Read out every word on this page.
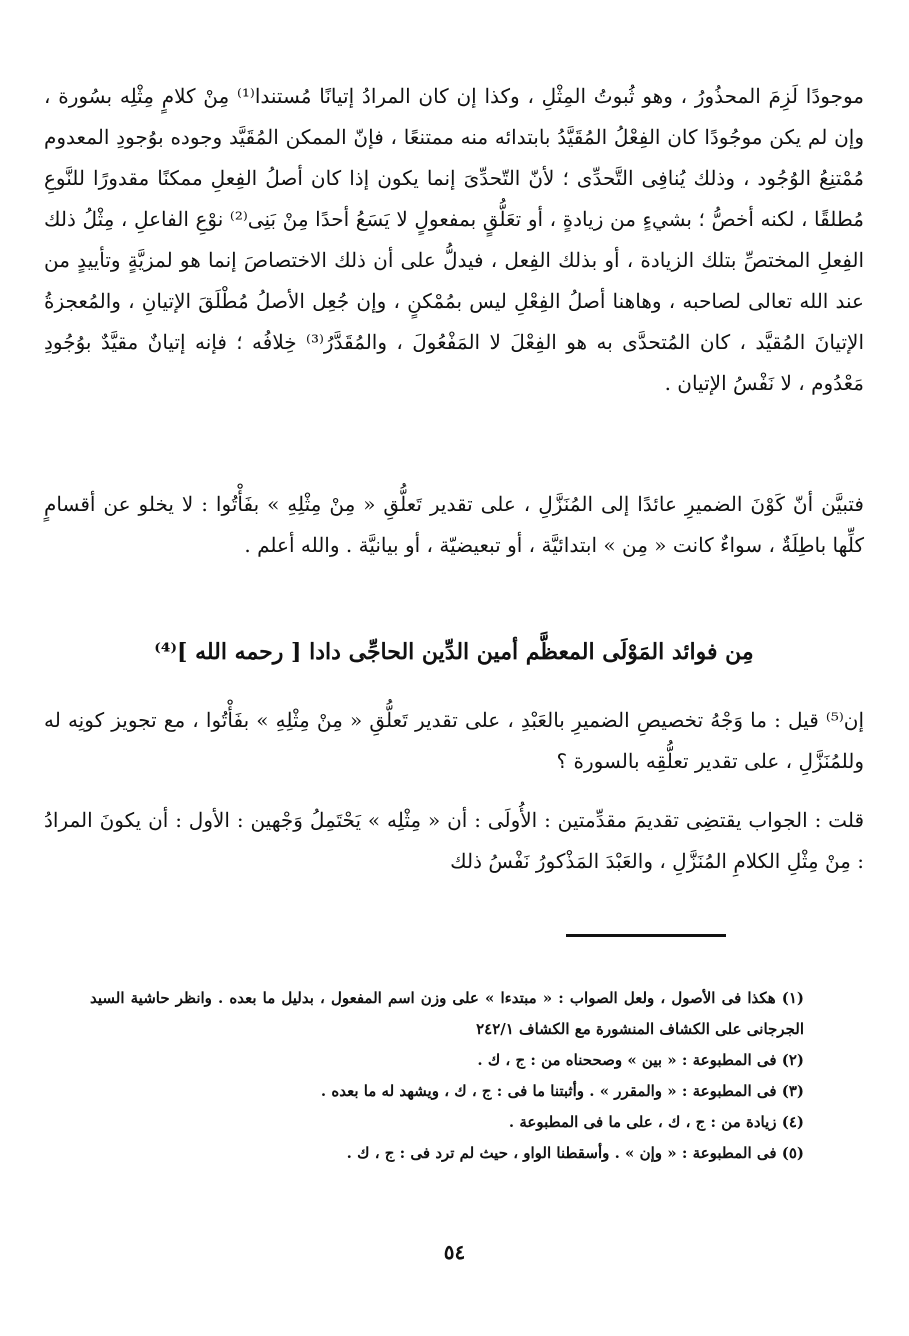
موجودًا لَزِمَ المحذُورُ ، وهو ثُبوتُ المِثْلِ ، وكذا إن كان المرادُ إتيانًا مُستندا⁽¹⁾ مِنْ كلامٍ مِثْلِه بسُورة ، وإن لم يكن موجُودًا كان الفِعْلُ المُقَيَّدُ بابتدائه منه ممتنعًا ، فإنّ الممكن المُقَيَّد وجوده بوُجودِ المعدوم مُمْتنِعُ الوُجُود ، وذلك يُنافِى التَّحدِّى ؛ لأنّ التّحدِّىَ إنما يكون إذا كان أصلُ الفِعلِ ممكنًا مقدورًا للنَّوعِ مُطلقًا ، لكنه أخصُّ ؛ بشيءٍ من زيادةٍ ، أو تعَلُّقٍ بمفعولٍ لا يَسَعُ أحدًا مِنْ بَنِى⁽²⁾ نوْعِ الفاعلِ ، مِثْلُ ذلك الفِعلِ المختصِّ بتلك الزيادة ، أو بذلك الفِعل ، فيدلُّ على أن ذلك الاختصاصَ إنما هو لمزيَّةٍ وتأييدٍ من عند الله تعالى لصاحبه ، وهاهنا أصلُ الفِعْلِ ليس بمُمْكنٍ ، وإن جُعِل الأصلُ مُطْلَقَ الإتيانِ ، والمُعجزةُ الإتيانَ المُقيَّد ، كان المُتحدَّى به هو الفِعْلَ لا المَفْعُولَ ، والمُقَدَّرُ⁽³⁾ خِلافُه ؛ فإنه إتيانٌ مقيَّدٌ بوُجُودِ مَعْدُوم ، لا نَفْسُ الإتيان .
فتبيَّن أنّ كَوْنَ الضميرِ عائدًا إلى المُنَزَّلِ ، على تقدير تَعلُّقِ « مِنْ مِثْلِهِ » بفَأْتُوا : لا يخلو عن أقسامٍ كلِّها باطِلَةٌ ، سواءٌ كانت « مِن » ابتدائيَّة ، أو تبعيضيّة ، أو بيانيَّة . والله أعلم .
مِن فوائد المَوْلَى المعظَّم أمين الدِّين الحاجِّى دادا [ رحمه الله ]⁽⁴⁾
إن⁽⁵⁾ قيل : ما وَجْهُ تخصيصِ الضميرِ بالعَبْدِ ، على تقدير تَعلُّقِ « مِنْ مِثْلِهِ » بفَأْتُوا ، مع تجويز كونِه له وللمُنَزَّلِ ، على تقدير تعلُّقِه بالسورة ؟
قلت : الجواب يقتضِى تقديمَ مقدِّمتين : الأُولَى : أن « مِثْلِه » يَحْتَمِلُ وَجْهين : الأول : أن يكونَ المرادُ : مِنْ مِثْلِ الكلامِ المُنَزَّلِ ، والعَبْدَ المَذْكورُ نَفْسُ ذلك
(١) هكذا فى الأصول ، ولعل الصواب : « مبتدءا » على وزن اسم المفعول ، بدليل ما بعده . وانظر حاشية السيد الجرجانى على الكشاف المنشورة مع الكشاف ٢٤٢/١
(٢) فى المطبوعة : « بين » وصححناه من : ج ، ك .
(٣) فى المطبوعة : « والمقرر » . وأثبتنا ما فى : ج ، ك ، ويشهد له ما بعده .
(٤) زيادة من : ج ، ك ، على ما فى المطبوعة .
(٥) فى المطبوعة : « وإن » . وأسقطنا الواو ، حيث لم ترد فى : ج ، ك .
٥٤
